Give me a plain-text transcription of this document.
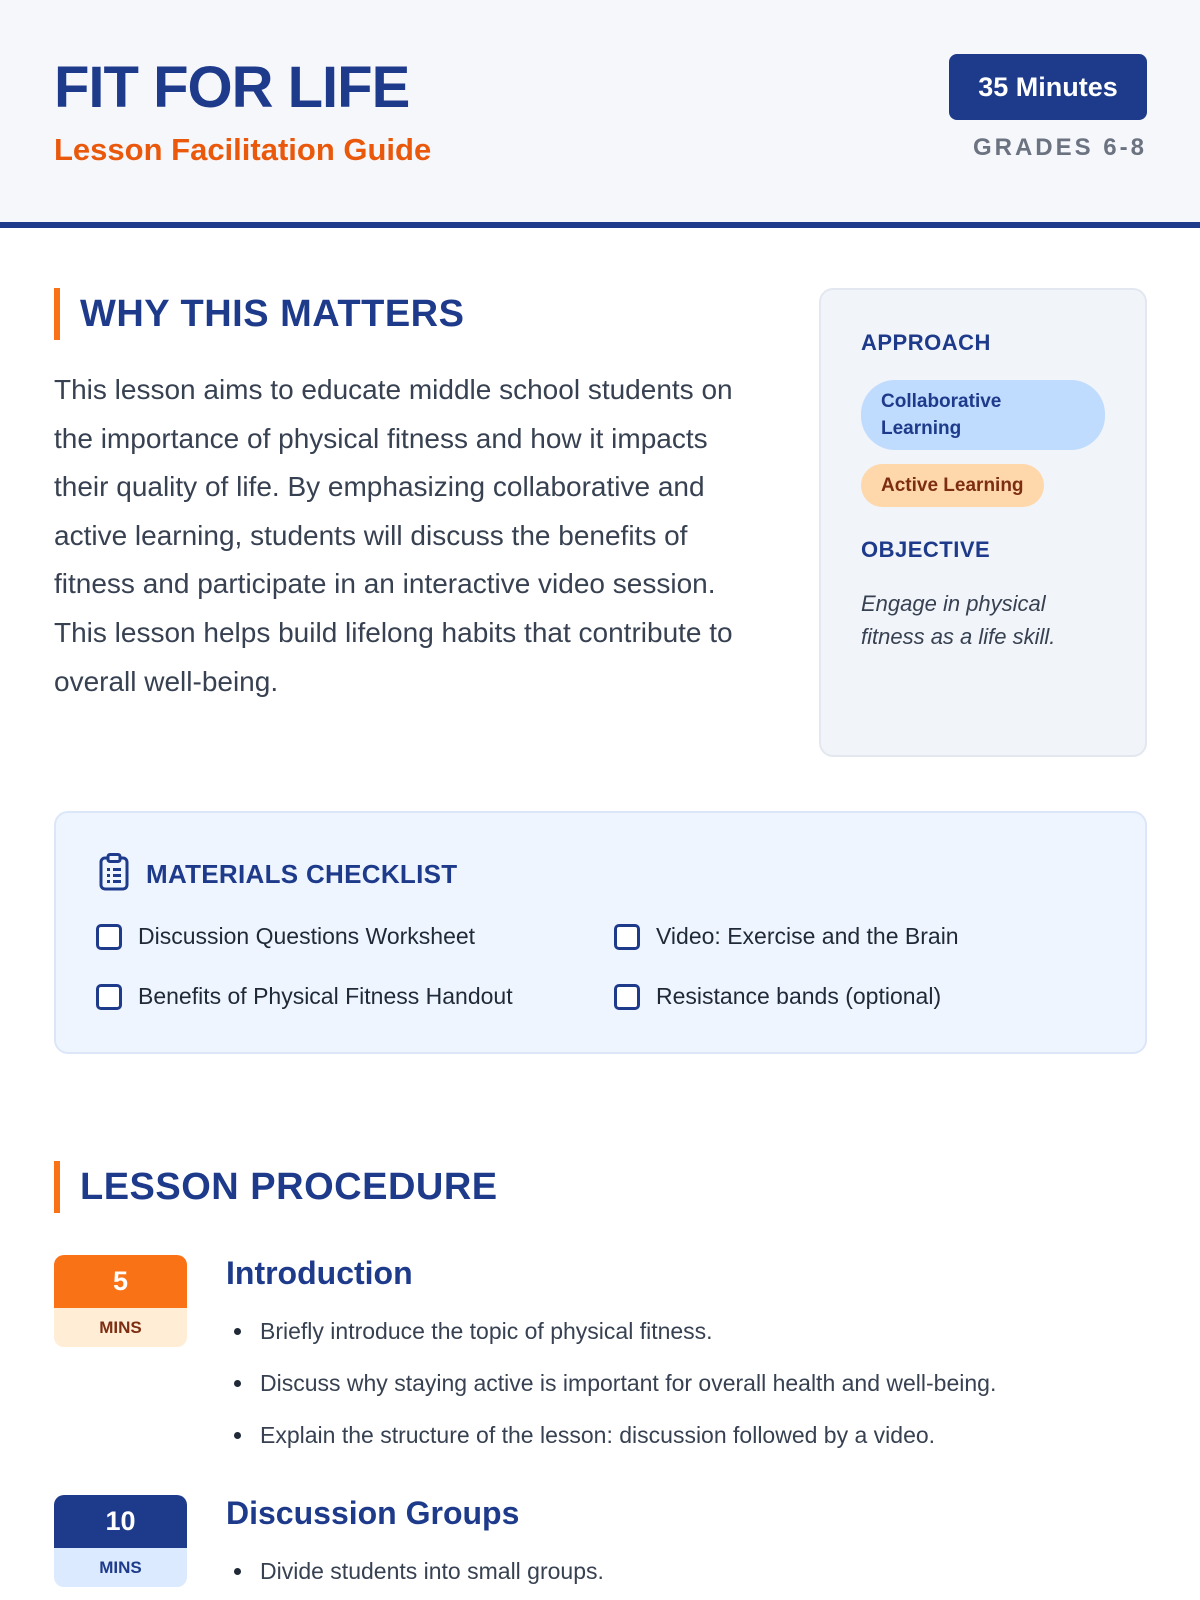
FIT FOR LIFE
Lesson Facilitation Guide
35 Minutes
GRADES 6-8
WHY THIS MATTERS

This lesson aims to educate middle school students on the importance of physical fitness and how it impacts their quality of life. By emphasizing collaborative and active learning, students will discuss the benefits of fitness and participate in an interactive video session. This lesson helps build lifelong habits that contribute to overall well-being.

APPROACH
Collaborative Learning
Active Learning
OBJECTIVE
Engage in physical fitness as a life skill.
MATERIALS CHECKLIST
Discussion Questions Worksheet	Video: Exercise and the Brain
Benefits of Physical Fitness Handout	Resistance bands (optional)
LESSON PROCEDURE
5
MINS
Introduction
Briefly introduce the topic of physical fitness.
Discuss why staying active is important for overall health and well-being.
Explain the structure of the lesson: discussion followed by a video.
10
MINS
Discussion Groups
Divide students into small groups.
